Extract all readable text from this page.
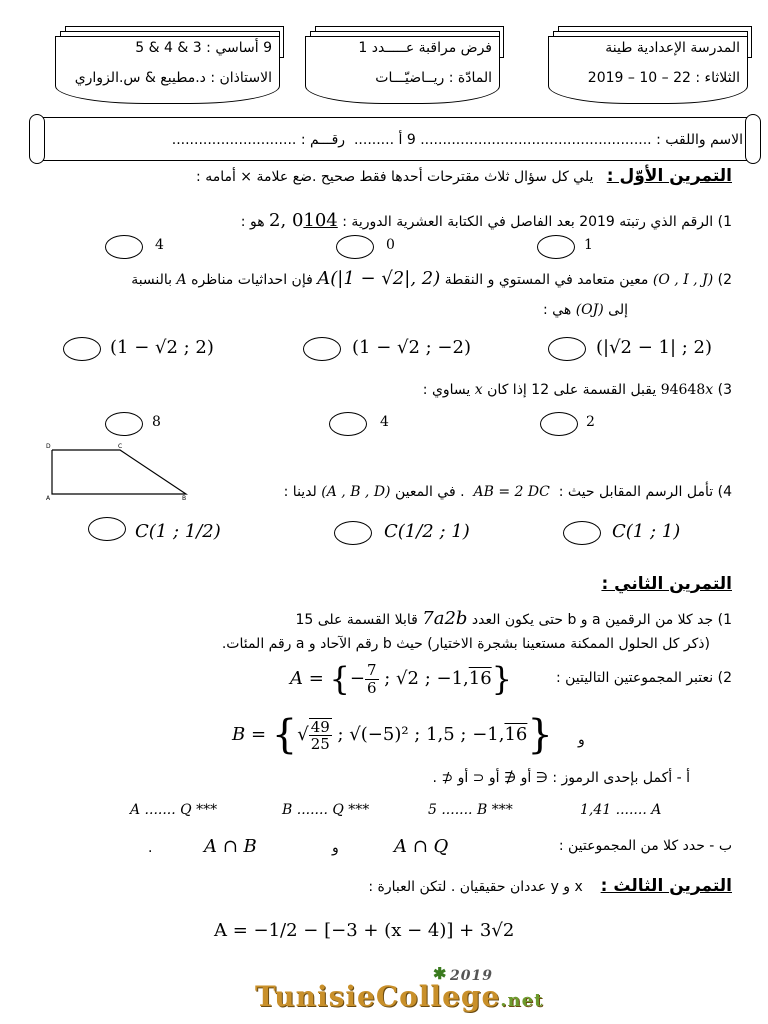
المدرسة الإعدادية طينة
الثلاثاء : 22 – 10 – 2019
فرض مراقبة عـــــدد 1
المادّة : ريــاضيّـــات
9 أساسي : 3 & 4 & 5
الاستاذان : د.مطيبع & س.الزواري
الاسم واللقب : .................................................... 9 أ .........  رقـــم : ............................
التمرين الأوّل :   يلي كل سؤال ثلاث مقترحات أحدها فقط صحيح .ضع علامة × أمامه :
1) الرقم الذي رتبته 2019 بعد الفاصل في الكتابة العشرية الدورية : 2, 0104 هو :
1
0
4
2) (O , I , J) معين متعامد في المستوي و النقطة A(|1 − √2|, 2) فإن احداثيات مناظره A بالنسبة
إلى (OJ) هي :
(|√2 − 1| ; 2)
(1 − √2 ; −2)
(1 − √2 ; 2)
3) 94648x يقبل القسمة على 12 إذا كان x يساوي :
2
4
8
D	C
A	B	4) تأمل الرسم المقابل حيث :  AB = 2 DC  . في المعين (A , B , D) لدينا :
C(1 ; 1)
C(1/2 ; 1)
C(1 ; 1/2)
التمرين الثاني :
1) جد كلا من الرقمين a و b حتى يكون العدد 7a2b قابلا القسمة على 15
(ذكر كل الحلول الممكنة مستعينا بشجرة الاختيار) حيث b رقم الآحاد و a رقم المئات.
2) نعتبر المجموعتين التاليتين :
A = {− $\frac{7}{6}$ ; √2 ; −1,16}
و
B = {√ $\frac{49}{25}$ ; √(−5)² ; 1,5 ; −1,16}
أ - أكمل بإحدى الرموز : ∈ أو ∉ أو ⊂ أو ⊄ .
A ....... Q ***	B ....... Q ***	5 ....... B ***	1,41 ....... A
ب - حدد كلا من المجموعتين :
A ∩ Q
و
A ∩ B
.
التمرين الثالث :    x و y عددان حقيقيان . لتكن العبارة :
A = −1/2 − [−3 + (x − 4)] + 3√2
✱ 2019
TunisieCollege.net
